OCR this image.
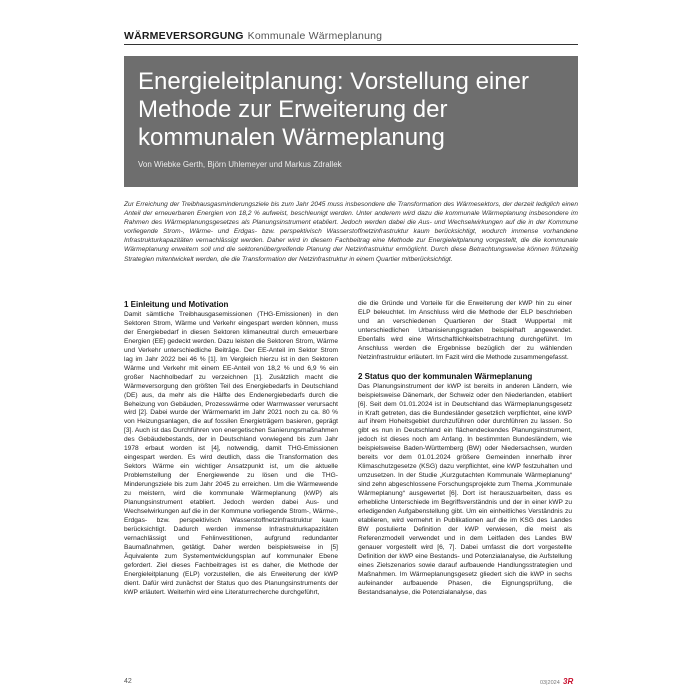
WÄRMEVERSORGUNG Kommunale Wärmeplanung
Energieleitplanung: Vorstellung einer Methode zur Erweiterung der kommunalen Wärmeplanung
Von Wiebke Gerth, Björn Uhlemeyer und Markus Zdrallek
Zur Erreichung der Treibhausgasminderungsziele bis zum Jahr 2045 muss insbesondere die Transformation des Wärmesektors, der derzeit lediglich einen Anteil der erneuerbaren Energien von 18,2 % aufweist, beschleunigt werden. Unter anderem wird dazu die kommunale Wärmeplanung insbesondere im Rahmen des Wärmeplanungsgesetzes als Planungsinstrument etabliert. Jedoch werden dabei die Aus- und Wechselwirkungen auf die in der Kommune vorliegende Strom-, Wärme- und Erdgas- bzw. perspektivisch Wasserstoffnetzinfrastruktur kaum berücksichtigt, wodurch immense vorhandene Infrastrukturkapazitäten vernachlässigt werden. Daher wird in diesem Fachbeitrag eine Methode zur Energieleitplanung vorgestellt, die die kommunale Wärmeplanung erweitern soll und die sektorenübergreifende Planung der Netzinfrastruktur ermöglicht. Durch diese Betrachtungsweise können frühzeitig Strategien mitentwickelt werden, die die Transformation der Netzinfrastruktur in einem Quartier mitberücksichtigt.
1 Einleitung und Motivation

Damit sämtliche Treibhausgasemissionen (THG-Emissionen) in den Sektoren Strom, Wärme und Verkehr eingespart werden können, muss der Energiebedarf in diesen Sektoren klimaneutral durch erneuerbare Energien (EE) gedeckt werden. Dazu leisten die Sektoren Strom, Wärme und Verkehr unterschiedliche Beiträge. Der EE-Anteil im Sektor Strom lag im Jahr 2022 bei 46 % [1]. Im Vergleich hierzu ist in den Sektoren Wärme und Verkehr mit einem EE-Anteil von 18,2 % und 6,9 % ein großer Nachholbedarf zu verzeichnen [1]. Zusätzlich macht die Wärmeversorgung den größten Teil des Energiebedarfs in Deutschland (DE) aus, da mehr als die Hälfte des Endenergiebedarfs durch die Beheizung von Gebäuden, Prozesswärme oder Warmwasser verursacht wird [2]. Dabei wurde der Wärmemarkt im Jahr 2021 noch zu ca. 80 % von Heizungsanlagen, die auf fossilen Energieträgern basieren, geprägt [3]. Auch ist das Durchführen von energetischen Sanierungsmaßnahmen des Gebäudebestands, der in Deutschland vorwiegend bis zum Jahr 1978 erbaut worden ist [4], notwendig, damit THG-Emissionen eingespart werden. Es wird deutlich, dass die Transformation des Sektors Wärme ein wichtiger Ansatzpunkt ist, um die aktuelle Problemstellung der Energiewende zu lösen und die THG-Minderungsziele bis zum Jahr 2045 zu erreichen. Um die Wärmewende zu meistern, wird die kommunale Wärmeplanung (kWP) als Planungsinstrument etabliert. Jedoch werden dabei Aus- und Wechselwirkungen auf die in der Kommune vorliegende Strom-, Wärme-, Erdgas- bzw. perspektivisch Wasserstoffnetzinfrastruktur kaum berücksichtigt. Dadurch werden immense Infrastrukturkapazitäten vernachlässigt und Fehlinvestitionen, aufgrund redundanter Baumaßnahmen, getätigt. Daher werden beispielsweise in [5] Äquivalente zum Systementwicklungsplan auf kommunaler Ebene gefordert. Ziel dieses Fachbeitrages ist es daher, die Methode der Energieleitplanung (ELP) vorzustellen, die als Erweiterung der kWP dient. Dafür wird zunächst der Status quo des Planungsinstruments der kWP erläutert. Weiterhin wird eine Literaturrecherche durchgeführt,

die die Gründe und Vorteile für die Erweiterung der kWP hin zu einer ELP beleuchtet. Im Anschluss wird die Methode der ELP beschrieben und an verschiedenen Quartieren der Stadt Wuppertal mit unterschiedlichen Urbanisierungsgraden beispielhaft angewendet. Ebenfalls wird eine Wirtschaftlichkeitsbetrachtung durchgeführt. Im Anschluss werden die Ergebnisse bezüglich der zu wählenden Netzinfrastruktur erläutert. Im Fazit wird die Methode zusammengefasst.

2 Status quo der kommunalen Wärmeplanung

Das Planungsinstrument der kWP ist bereits in anderen Ländern, wie beispielsweise Dänemark, der Schweiz oder den Niederlanden, etabliert [6]. Seit dem 01.01.2024 ist in Deutschland das Wärmeplanungsgesetz in Kraft getreten, das die Bundesländer gesetzlich verpflichtet, eine kWP auf ihrem Hoheitsgebiet durchzuführen oder durchführen zu lassen. So gibt es nun in Deutschland ein flächendeckendes Planungsinstrument, jedoch ist dieses noch am Anfang. In bestimmten Bundesländern, wie beispielsweise Baden-Württemberg (BW) oder Niedersachsen, wurden bereits vor dem 01.01.2024 größere Gemeinden innerhalb ihrer Klimaschutzgesetze (KSG) dazu verpflichtet, eine kWP festzuhalten und umzusetzen. In der Studie „Kurzgutachten Kommunale Wärmeplanung“ sind zehn abgeschlossene Forschungsprojekte zum Thema „Kommunale Wärmeplanung“ ausgewertet [6]. Dort ist herauszuarbeiten, dass es erhebliche Unterschiede im Begriffsverständnis und der in einer kWP zu erledigenden Aufgabenstellung gibt. Um ein einheitliches Verständnis zu etablieren, wird vermehrt in Publikationen auf die im KSG des Landes BW postulierte Definition der kWP verwiesen, die meist als Referenzmodell verwendet und in dem Leitfaden des Landes BW genauer vorgestellt wird [6, 7]. Dabei umfasst die dort vorgestellte Definition der kWP eine Bestands- und Potenzialanalyse, die Aufstellung eines Zielszenarios sowie darauf aufbauende Handlungsstrategien und Maßnahmen. Im Wärmeplanungsgesetz gliedert sich die kWP in sechs aufeinander aufbauende Phasen, die Eignungsprüfung, die Bestandsanalyse, die Potenzialanalyse, das

42	03|2024 3R
